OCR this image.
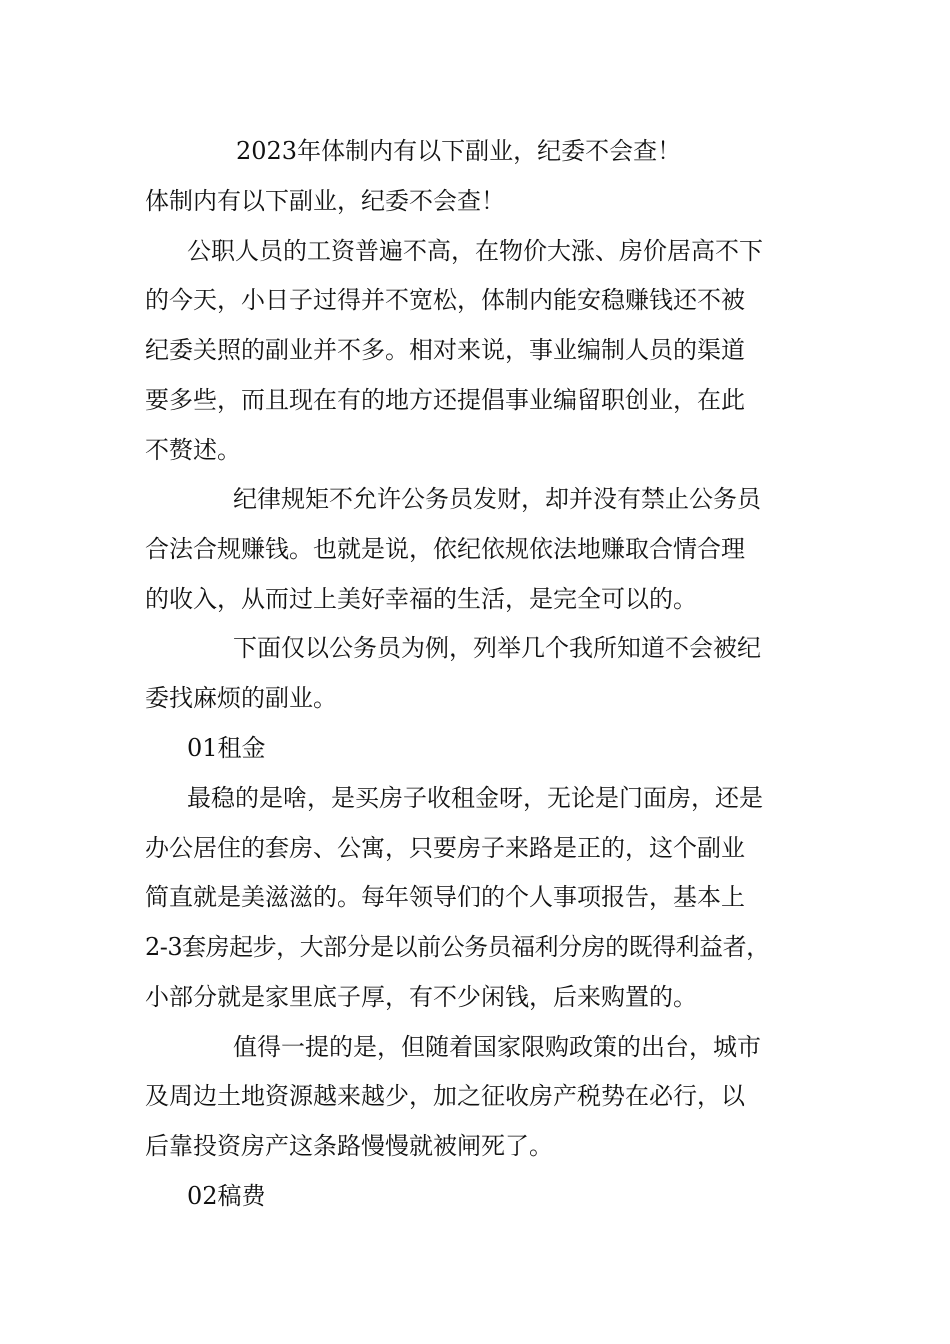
2023年体制内有以下副业，纪委不会查！
体制内有以下副业，纪委不会查！
公职人员的工资普遍不高，在物价大涨、房价居高不下
的今天，小日子过得并不宽松，体制内能安稳赚钱还不被
纪委关照的副业并不多。相对来说，事业编制人员的渠道
要多些，而且现在有的地方还提倡事业编留职创业，在此
不赘述。
纪律规矩不允许公务员发财，却并没有禁止公务员
合法合规赚钱。也就是说，依纪依规依法地赚取合情合理
的收入，从而过上美好幸福的生活，是完全可以的。
下面仅以公务员为例，列举几个我所知道不会被纪
委找麻烦的副业。
01租金
最稳的是啥，是买房子收租金呀，无论是门面房，还是
办公居住的套房、公寓，只要房子来路是正的，这个副业
简直就是美滋滋的。每年领导们的个人事项报告，基本上
2-3套房起步，大部分是以前公务员福利分房的既得利益者，
小部分就是家里底子厚，有不少闲钱，后来购置的。
值得一提的是，但随着国家限购政策的出台，城市
及周边土地资源越来越少，加之征收房产税势在必行，以
后靠投资房产这条路慢慢就被闸死了。
02稿费
